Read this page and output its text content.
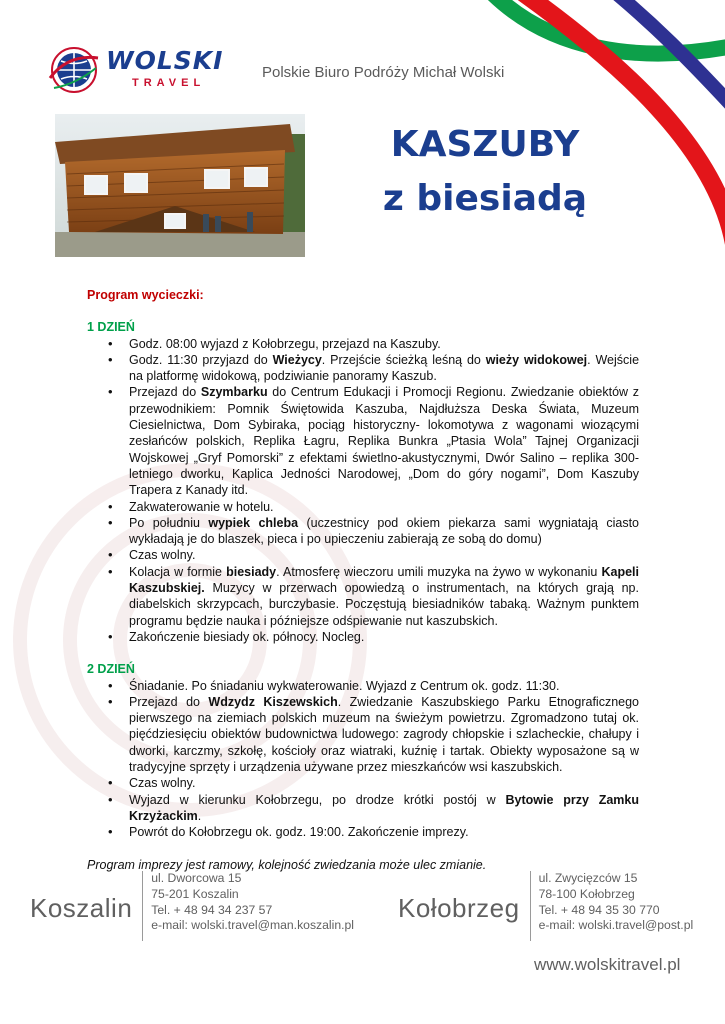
WOLSKI
TRAVEL
Polskie Biuro Podróży Michał Wolski
KASZUBY
z biesiadą

Program wycieczki:

1 DZIEŃ

• Godz. 08:00 wyjazd z Kołobrzegu, przejazd na Kaszuby.
• Godz. 11:30 przyjazd do Wieżycy. Przejście ścieżką leśną do wieży widokowej. Wejście na platformę widokową, podziwianie panoramy Kaszub.
• Przejazd do Szymbarku do Centrum Edukacji i Promocji Regionu. Zwiedzanie obiektów z przewodnikiem: Pomnik Świętowida Kaszuba, Najdłuższa Deska Świata, Muzeum Ciesielnictwa, Dom Sybiraka, pociąg historyczny- lokomotywa z wagonami wiozącymi zesłańców polskich, Replika Łagru, Replika Bunkra „Ptasia Wola” Tajnej Organizacji Wojskowej „Gryf Pomorski” z efektami świetlno-akustycznymi, Dwór Salino – replika 300-letniego dworku, Kaplica Jedności Narodowej, „Dom do góry nogami”, Dom Kaszuby Trapera z Kanady itd.
• Zakwaterowanie w hotelu.
• Po południu wypiek chleba (uczestnicy pod okiem piekarza sami wygniatają ciasto wykładają je do blaszek, pieca i po upieczeniu zabierają ze sobą do domu)
• Czas wolny.
• Kolacja w formie biesiady. Atmosferę wieczoru umili muzyka na żywo w wykonaniu Kapeli Kaszubskiej. Muzycy w przerwach opowiedzą o instrumentach, na których grają np. diabelskich skrzypcach, burczybasie. Poczęstują biesiadników tabaką. Ważnym punktem programu będzie nauka i późniejsze odśpiewanie nut kaszubskich.
• Zakończenie biesiady ok. północy. Nocleg.

2 DZIEŃ

• Śniadanie. Po śniadaniu wykwaterowanie. Wyjazd z Centrum ok. godz. 11:30.
• Przejazd do Wdzydz Kiszewskich. Zwiedzanie Kaszubskiego Parku Etnograficznego pierwszego na ziemiach polskich muzeum na świeżym powietrzu. Zgromadzono tutaj ok. pięćdziesięciu obiektów budownictwa ludowego: zagrody chłopskie i szlacheckie, chałupy i dworki, karczmy, szkołę, kościoły oraz wiatraki, kuźnię i tartak. Obiekty wyposażone są w tradycyjne sprzęty i urządzenia używane przez mieszkańców wsi kaszubskich.
• Czas wolny.
• Wyjazd w kierunku Kołobrzegu, po drodze krótki postój w Bytowie przy Zamku Krzyżackim.
• Powrót do Kołobrzegu ok. godz. 19:00. Zakończenie imprezy.

Program imprezy jest ramowy, kolejność zwiedzania może ulec zmianie.

Koszalin
ul. Dworcowa 15
75-201 Koszalin
Tel. + 48 94 34 237 57
e-mail: wolski.travel@man.koszalin.pl
Kołobrzeg
ul. Zwycięzców 15
78-100 Kołobrzeg
Tel. + 48 94 35 30 770
e-mail: wolski.travel@post.pl
www.wolskitravel.pl
